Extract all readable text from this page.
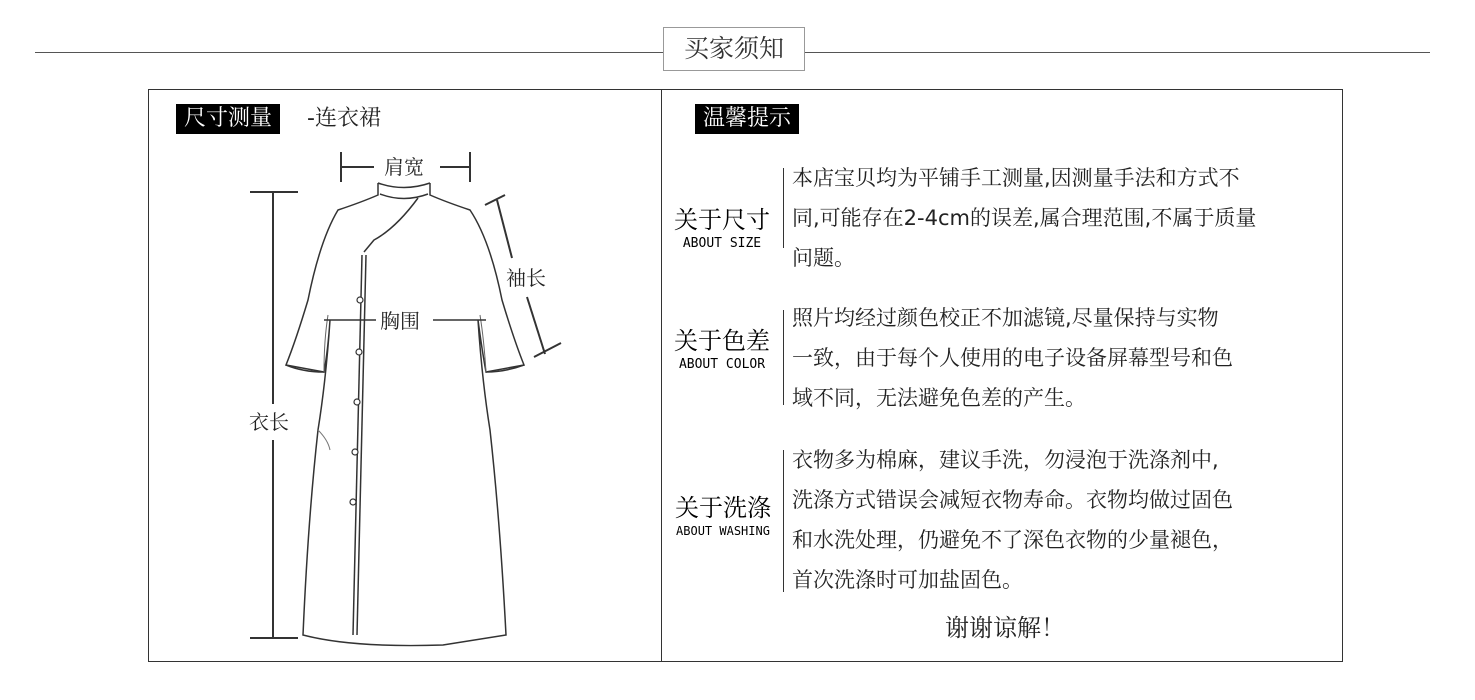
买家须知
尺寸测量	-连衣裙
肩宽
袖长
胸围
衣长
温馨提示
关于尺寸
ABOUT SIZE
本店宝贝均为平铺手工测量,因测量手法和方式不
同,可能存在2-4cm的误差,属合理范围,不属于质量
问题。
关于色差
ABOUT COLOR
照片均经过颜色校正不加滤镜,尽量保持与实物
一致，由于每个人使用的电子设备屏幕型号和色
域不同，无法避免色差的产生。
关于洗涤
ABOUT WASHING
衣物多为棉麻，建议手洗，勿浸泡于洗涤剂中,
洗涤方式错误会减短衣物寿命。衣物均做过固色
和水洗处理，仍避免不了深色衣物的少量褪色，
首次洗涤时可加盐固色。
谢谢谅解！
